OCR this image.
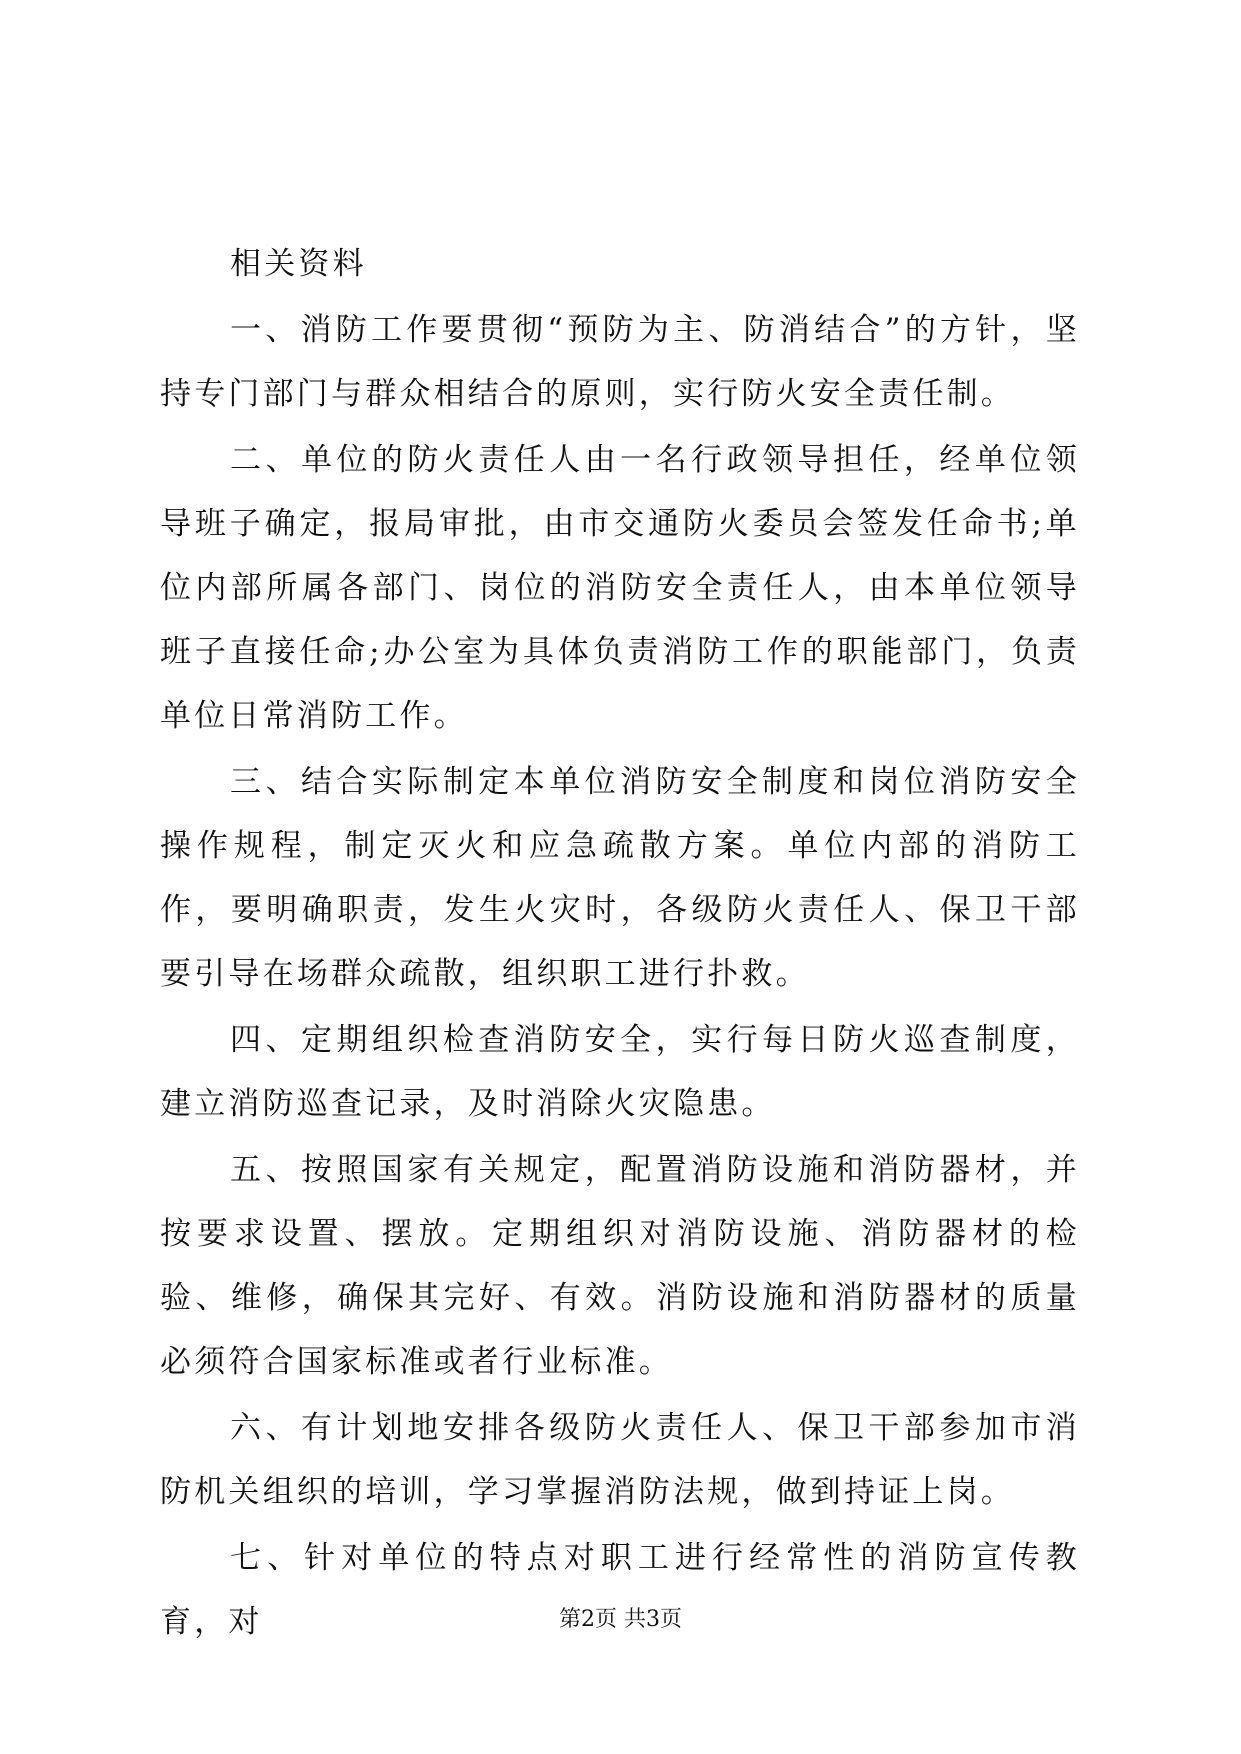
相关资料

一、消防工作要贯彻“预防为主、防消结合”的方针，坚持专门部门与群众相结合的原则，实行防火安全责任制。

二、单位的防火责任人由一名行政领导担任，经单位领导班子确定，报局审批，由市交通防火委员会签发任命书;单位内部所属各部门、岗位的消防安全责任人，由本单位领导班子直接任命;办公室为具体负责消防工作的职能部门，负责单位日常消防工作。

三、结合实际制定本单位消防安全制度和岗位消防安全操作规程，制定灭火和应急疏散方案。单位内部的消防工作，要明确职责，发生火灾时，各级防火责任人、保卫干部要引导在场群众疏散，组织职工进行扑救。

四、定期组织检查消防安全，实行每日防火巡查制度，建立消防巡查记录，及时消除火灾隐患。

五、按照国家有关规定，配置消防设施和消防器材，并按要求设置、摆放。定期组织对消防设施、消防器材的检验、维修，确保其完好、有效。消防设施和消防器材的质量必须符合国家标准或者行业标准。

六、有计划地安排各级防火责任人、保卫干部参加市消防机关组织的培训，学习掌握消防法规，做到持证上岗。

七、针对单位的特点对职工进行经常性的消防宣传教育，对	第2页 共3页
